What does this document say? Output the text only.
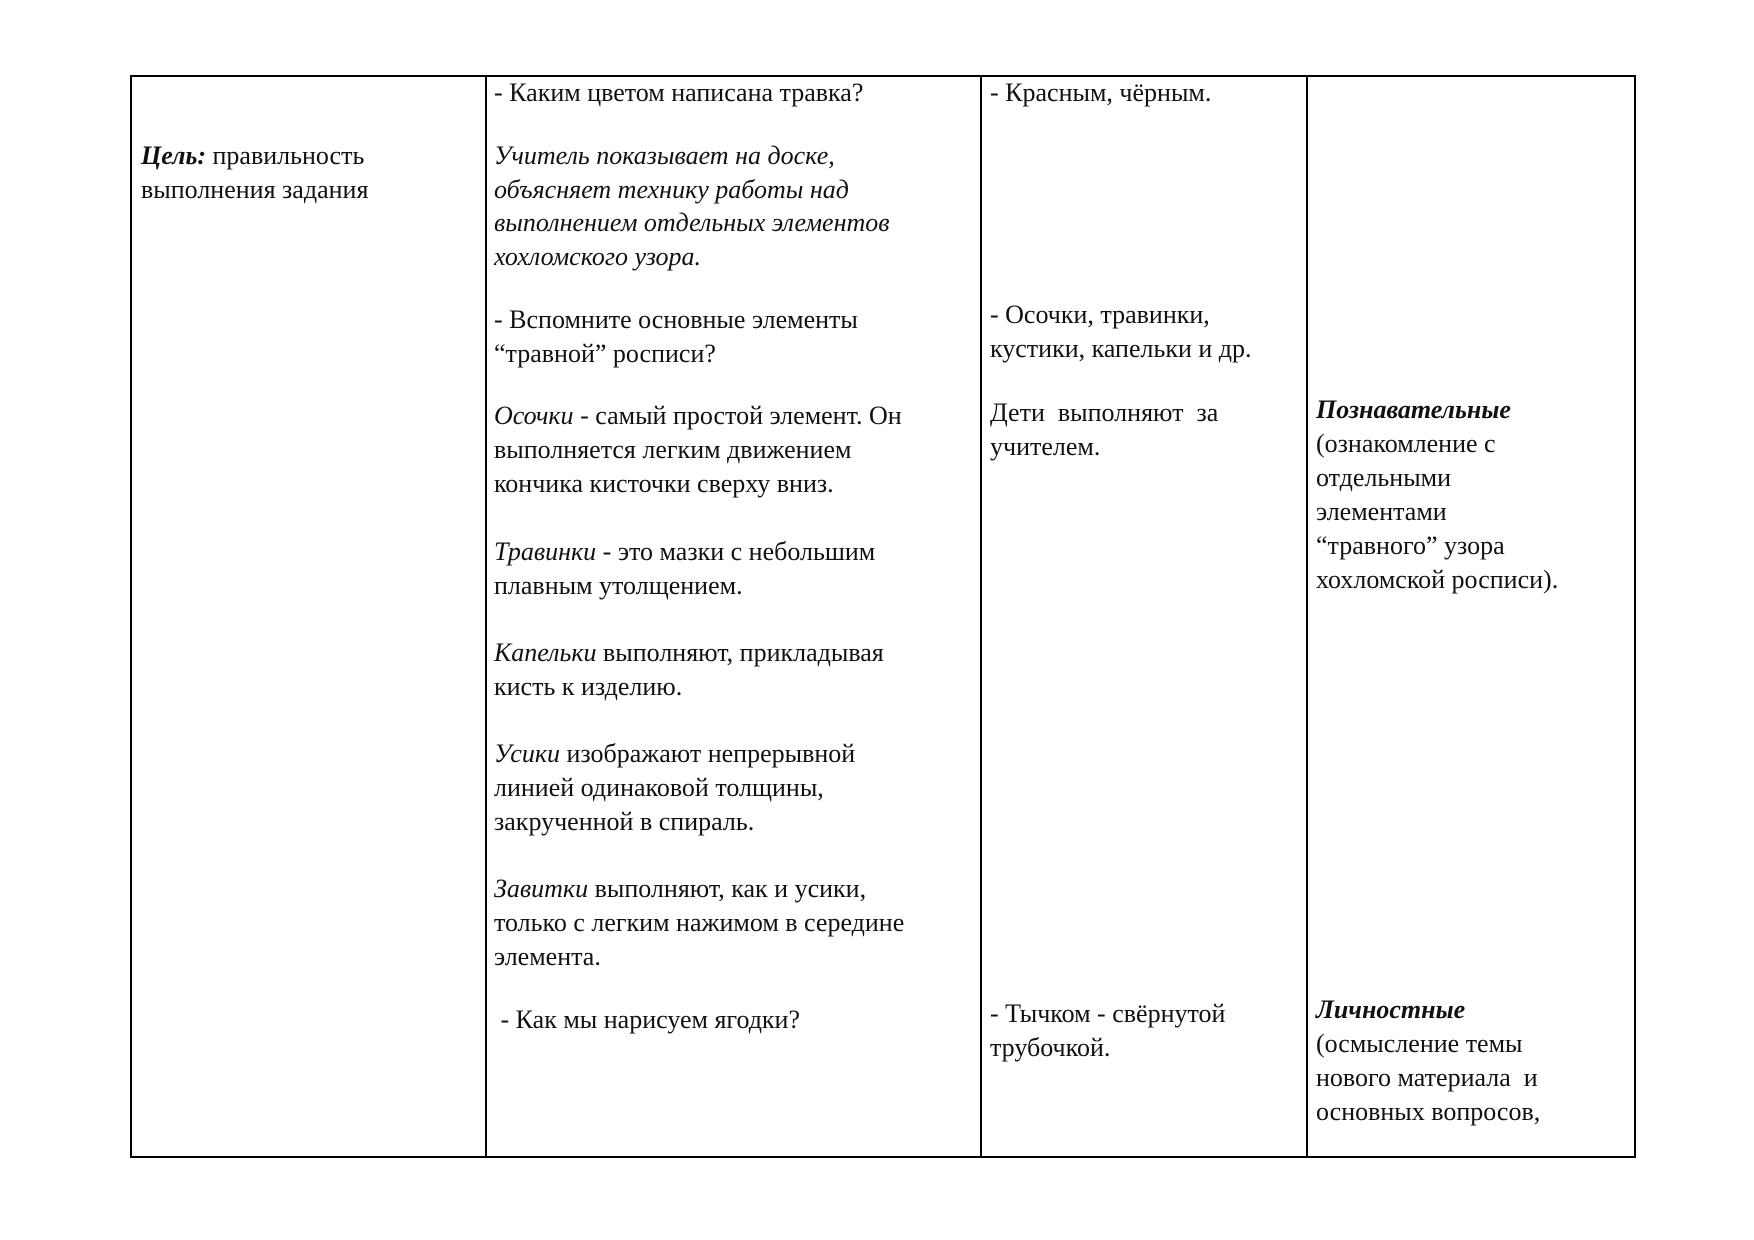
Цель: правильность

выполнения задания

- Каким цветом написана травка?

Учитель показывает на доске,

объясняет технику работы над

выполнением отдельных элементов

хохломского узора.

- Вспомните основные элементы

“травной” росписи?

Осочки - самый простой элемент. Он

выполняется легким движением

кончика кисточки сверху вниз.

Травинки - это мазки с небольшим

плавным утолщением.

Капельки выполняют, прикладывая

кисть к изделию.

Усики изображают непрерывной

линией одинаковой толщины,

закрученной в спираль.

Завитки выполняют, как и усики,

только с легким нажимом в середине

элемента.

- Как мы нарисуем ягодки?

- Красным, чёрным.

- Осочки, травинки,

кустики, капельки и др.

Дети  выполняют  за

учителем.

- Тычком - свёрнутой

трубочкой.

Познавательные

(ознакомление с

отдельными

элементами

“травного” узора

хохломской росписи).

Личностные

(осмысление темы

нового материала  и

основных вопросов,
